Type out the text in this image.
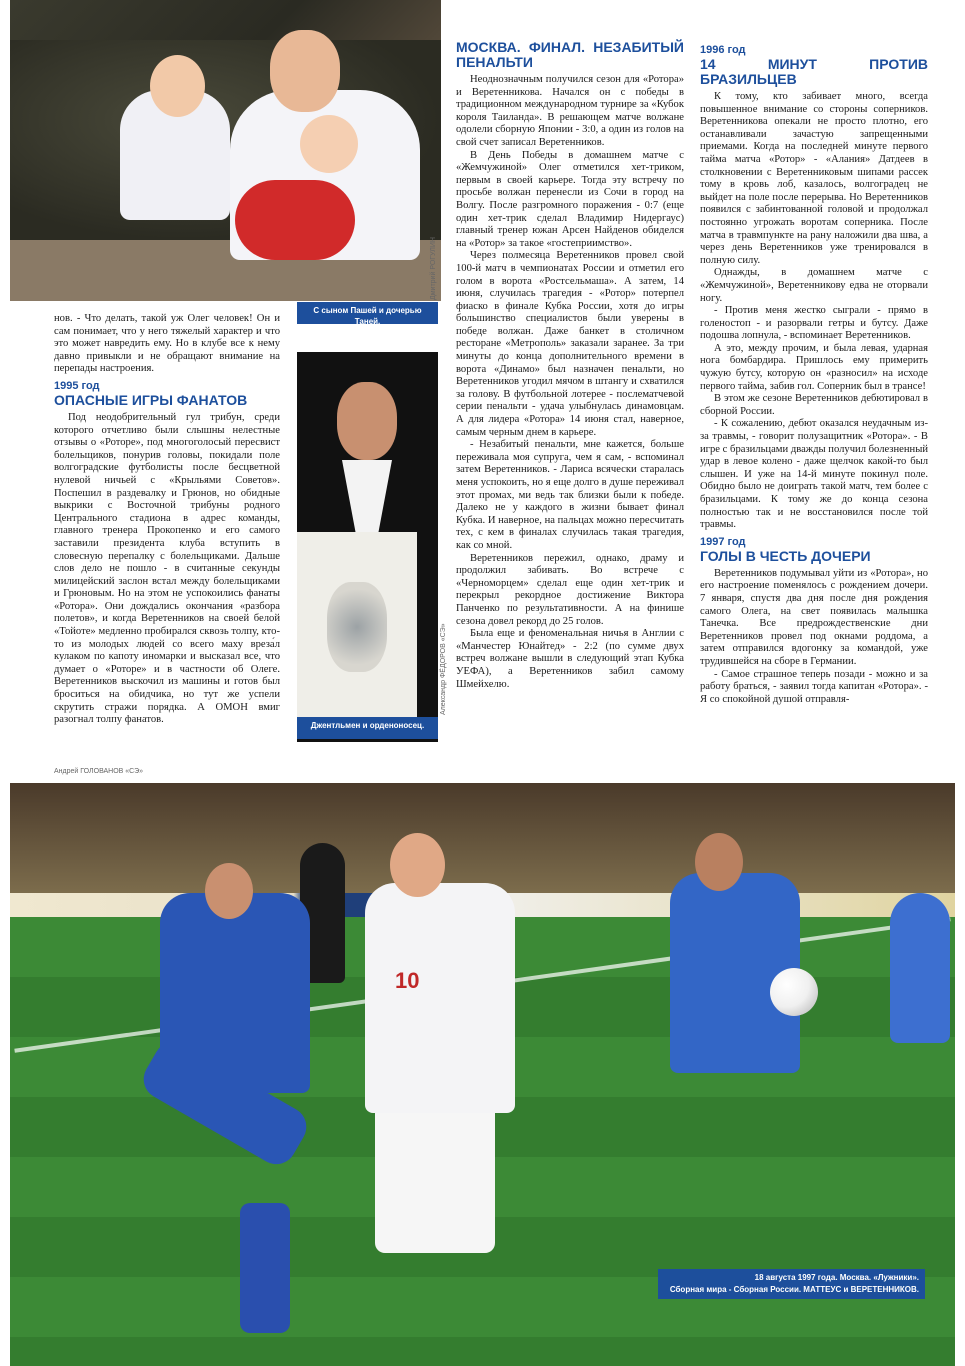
Дмитрий РОГУЛИН
С сыном Пашей и дочерью Таней.
Александр ФЁДОРОВ «СЭ»
Джентльмен и орденоносец.

нов. - Что делать, такой уж Олег человек! Он и сам понимает, что у него тяжелый характер и что это может навредить ему. Но в клубе все к нему давно привыкли и не обращают внимание на перепады настроения.

1995 год
ОПАСНЫЕ ИГРЫ ФАНАТОВ

Под неодобрительный гул трибун, среди которого отчетливо были слышны нелестные отзывы о «Роторе», под многоголосый пересвист болельщиков, понурив головы, покидали поле волгоградские футболисты после бесцветной нулевой ничьей с «Крыльями Советов». Поспешил в раздевалку и Грюнов, но обидные выкрики с Восточной трибуны родного Центрального стадиона в адрес команды, главного тренера Прокопенко и его самого заставили президента клуба вступить в словесную перепалку с болельщиками. Дальше слов дело не пошло - в считанные секунды милицейский заслон встал между болельщиками и Грюновым. Но на этом не успокоились фанаты «Ротора». Они дождались окончания «разбора полетов», и когда Веретенников на своей белой «Тойоте» медленно пробирался сквозь толпу, кто-то из молодых людей со всего маху вреза́л кулаком по капоту иномарки и высказал все, что думает о «Роторе» и в частности об Олеге. Веретенников выскочил из машины и готов был броситься на обидчика, но тут же успели скрутить стражи порядка. А ОМОН вмиг разогнал толпу фанатов.

Андрей ГОЛОВАНОВ «СЭ»
МОСКВА. ФИНАЛ. НЕЗАБИТЫЙ ПЕНАЛЬТИ

Неоднозначным получился сезон для «Ротора» и Веретенникова. Начался он с победы в традиционном международном турнире за «Кубок короля Таиланда». В решающем матче волжане одолели сборную Японии - 3:0, а один из голов на свой счет записал Веретенников.

В День Победы в домашнем матче с «Жемчужиной» Олег отметился хет-триком, первым в своей карьере. Тогда эту встречу по просьбе волжан перенесли из Сочи в город на Волгу. После разгромного поражения - 0:7 (еще один хет-трик сделал Владимир Нидергаус) главный тренер южан Арсен Найденов обиделся на «Ротор» за такое «гостеприимство».

Через полмесяца Веретенников провел свой 100-й матч в чемпионатах России и отметил его голом в ворота «Ростсельмаша». А затем, 14 июня, случилась трагедия - «Ротор» потерпел фиаско в финале Кубка России, хотя до игры большинство специалистов были уверены в победе волжан. Даже банкет в столичном ресторане «Метрополь» заказали заранее. За три минуты до конца дополнительного времени в ворота «Динамо» был назначен пенальти, но Веретенников угодил мячом в штангу и схватился за голову. В футбольной лотерее - послематчевой серии пенальти - удача улыбнулась динамовцам. А для лидера «Ротора» 14 июня стал, наверное, самым черным днем в карьере.

- Незабитый пенальти, мне кажется, больше переживала моя супруга, чем я сам, - вспоминал затем Веретенников. - Лариса всячески старалась меня успокоить, но я еще долго в душе переживал этот промах, ми ведь так близки были к победе. Далеко не у каждого в жизни бывает финал Кубка. И наверное, на пальцах можно пересчитать тех, с кем в финалах случилась такая трагедия, как со мной.

Веретенников пережил, однако, драму и продолжил забивать. Во встрече с «Черноморцем» сделал еще один хет-трик и перекрыл рекордное достижение Виктора Панченко по результативности. А на финише сезона довел рекорд до 25 голов.

Была еще и феноменальная ничья в Англии с «Манчестер Юнайтед» - 2:2 (по сумме двух встреч волжане вышли в следующий этап Кубка УЕФА), а Веретенников забил самому Шмейхелю.

1996 год
14 МИНУТ ПРОТИВ БРАЗИЛЬЦЕВ

К тому, кто забивает много, всегда повышенное внимание со стороны соперников. Веретенникова опекали не просто плотно, его останавливали зачастую запрещенными приемами. Когда на последней минуте первого тайма матча «Ротор» - «Алания» Датдеев в столкновении с Веретенниковым шипами рассек тому в кровь лоб, казалось, волгоградец не выйдет на поле после перерыва. Но Веретенников появился с забинтованной головой и продолжал постоянно угрожать воротам соперника. После матча в травмпункте на рану наложили два шва, а через день Веретенников уже тренировался в полную силу.

Однажды, в домашнем матче с «Жемчужиной», Веретенникову едва не оторвали ногу.

- Против меня жестко сыграли - прямо в голеностоп - и разорвали гетры и бутсу. Даже подошва лопнула, - вспоминает Веретенников.

А это, между прочим, и была левая, ударная нога бомбардира. Пришлось ему примерить чужую бутсу, которую он «разносил» на исходе первого тайма, забив гол. Соперник был в трансе!

В этом же сезоне Веретенников дебютировал в сборной России.

- К сожалению, дебют оказался неудачным из-за травмы, - говорит полузащитник «Ротора». - В игре с бразильцами дважды получил болезненный удар в левое колено - даже щелчок какой-то был слышен. И уже на 14-й минуте покинул поле. Обидно было не доиграть такой матч, тем более с бразильцами. К тому же до конца сезона полностью так и не восстановился после той травмы.

1997 год
ГОЛЫ В ЧЕСТЬ ДОЧЕРИ

Веретенников подумывал уйти из «Ротора», но его настроение поменялось с рождением дочери. 7 января, спустя два дня после дня рождения самого Олега, на свет появилась малышка Танечка. Все предрождественские дни Веретенников провел под окнами роддома, а затем отправился вдогонку за командой, уже трудившейся на сборе в Германии.

- Самое страшное теперь позади - можно и за работу браться, - заявил тогда капитан «Ротора». - Я со спокойной душой отправля-

10
18 августа 1997 года. Москва. «Лужники».
Сборная мира - Сборная России. МАТТЕУС и ВЕРЕТЕННИКОВ.
